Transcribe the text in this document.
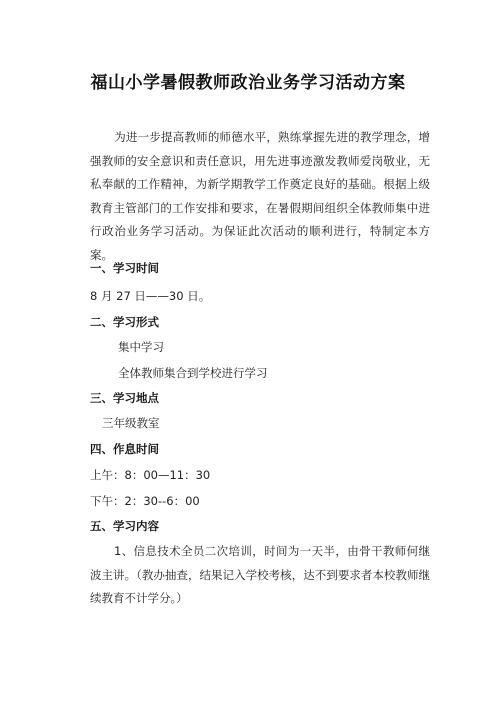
福山小学暑假教师政治业务学习活动方案
为进一步提高教师的师德水平，熟练掌握先进的教学理念，增强教师的安全意识和责任意识，用先进事迹激发教师爱岗敬业，无私奉献的工作精神，为新学期教学工作奠定良好的基础。根据上级教育主管部门的工作安排和要求，在暑假期间组织全体教师集中进行政治业务学习活动。为保证此次活动的顺利进行，特制定本方案。
一、学习时间
8 月 27 日——30 日。
二、学习形式
集中学习
全体教师集合到学校进行学习
三、学习地点
三年级教室
四、作息时间
上午：8：00—11：30
下午：2：30--6：00
五、学习内容
1、信息技术全员二次培训，时间为一天半，由骨干教师何继波主讲。（教办抽查，结果记入学校考核，达不到要求者本校教师继续教育不计学分。）
